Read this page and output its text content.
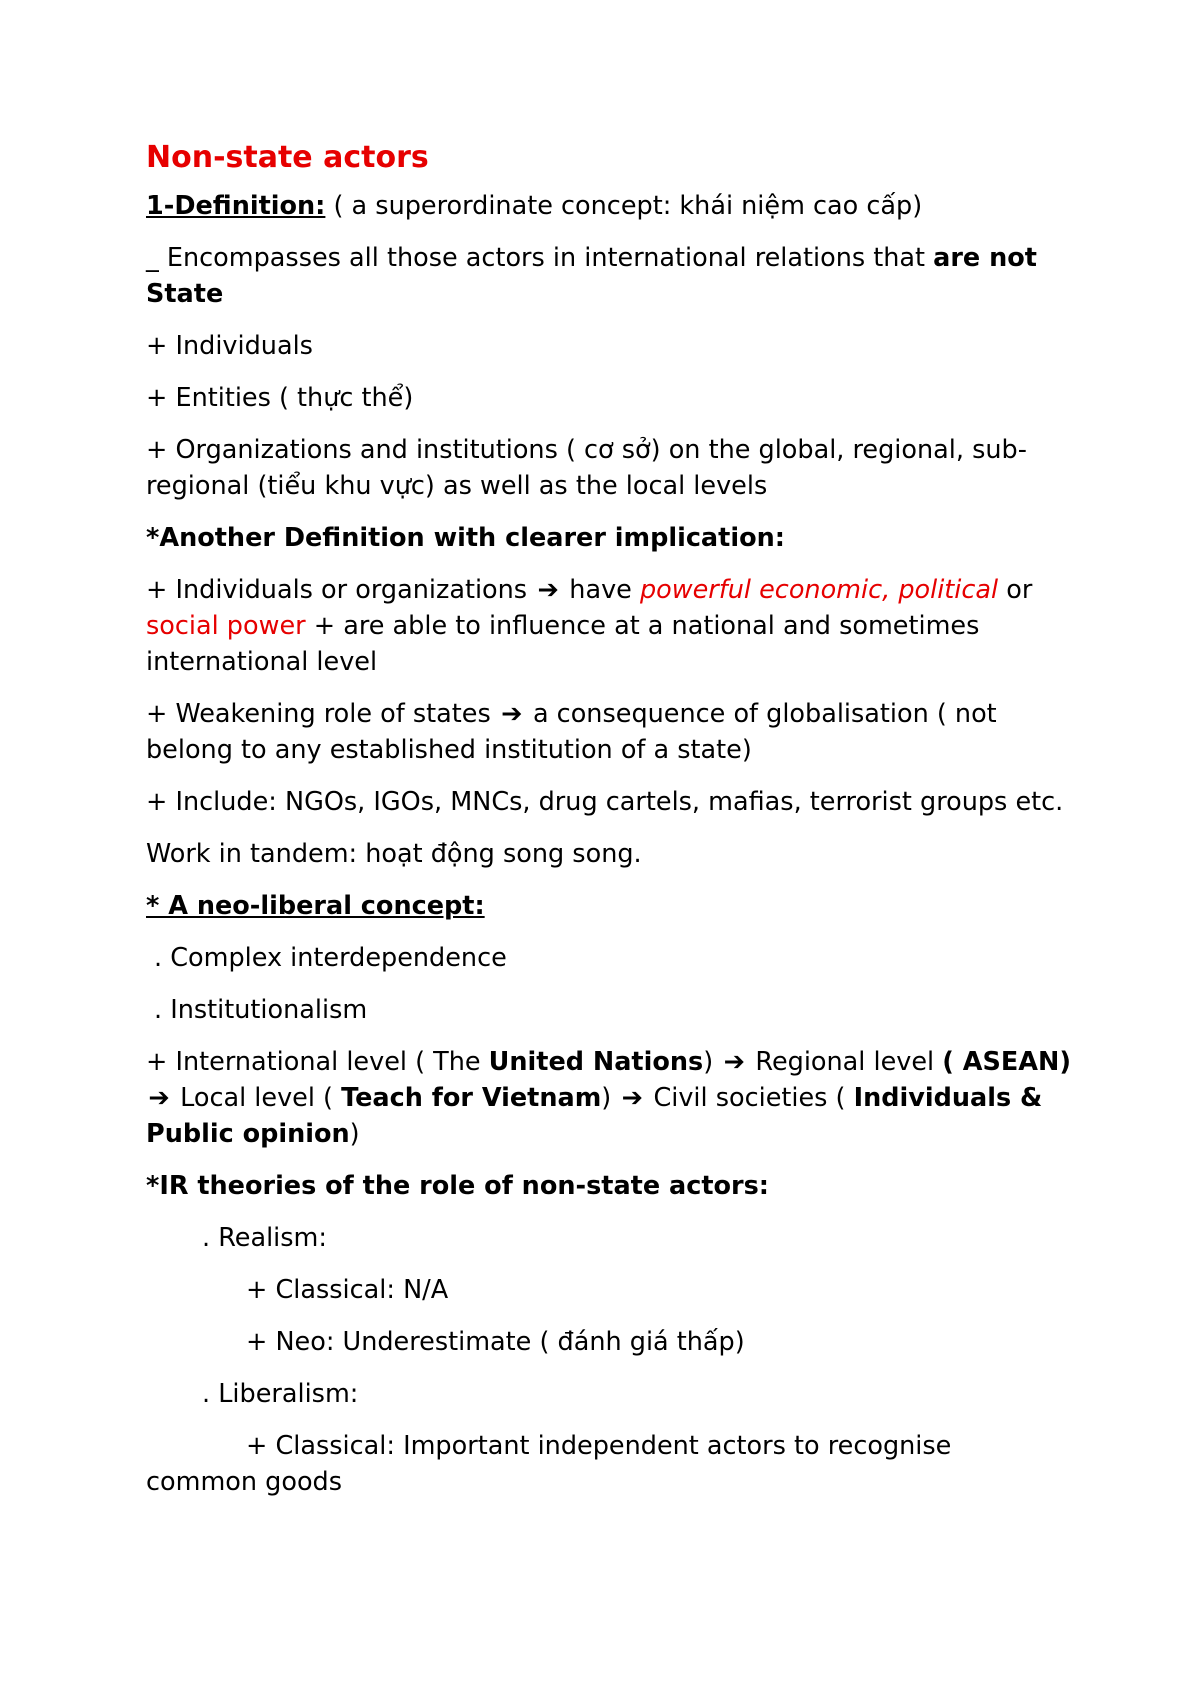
Non-state actors

1-Definition: ( a superordinate concept: khái niệm cao cấp)

_ Encompasses all those actors in international relations that are not State

+ Individuals

+ Entities ( thực thể)

+ Organizations and institutions ( cơ sở) on the global, regional, sub-regional (tiểu khu vực) as well as the local levels

*Another Definition with clearer implication:

+ Individuals or organizations ➔ have powerful economic, political or social power + are able to influence at a national and sometimes international level

+ Weakening role of states ➔ a consequence of globalisation ( not belong to any established institution of a state)

+ Include: NGOs, IGOs, MNCs, drug cartels, mafias, terrorist groups etc.

Work in tandem: hoạt động song song.

* A neo-liberal concept:

. Complex interdependence

. Institutionalism

+ International level ( The United Nations) ➔ Regional level ( ASEAN) ➔ Local level ( Teach for Vietnam) ➔ Civil societies ( Individuals & Public opinion)

*IR theories of the role of non-state actors:

. Realism:

+ Classical: N/A

+ Neo: Underestimate ( đánh giá thấp)

. Liberalism:

+ Classical: Important independent actors to recognise
common goods
